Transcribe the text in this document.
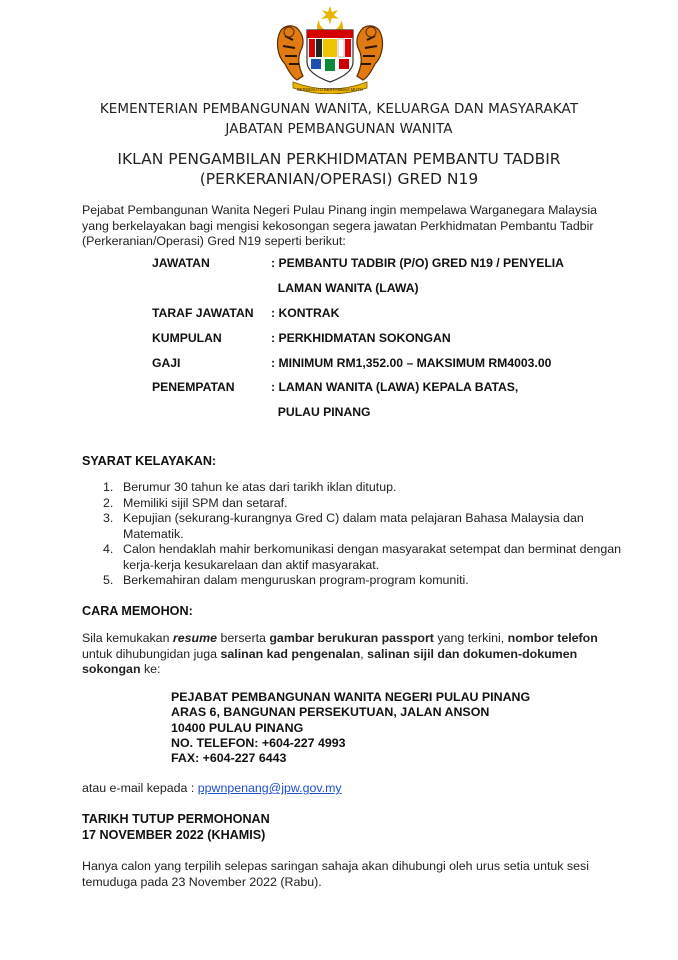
BERSEKUTU BERTAMBAH MUTU
KEMENTERIAN PEMBANGUNAN WANITA, KELUARGA DAN MASYARAKAT
JABATAN PEMBANGUNAN WANITA
IKLAN PENGAMBILAN PERKHIDMATAN PEMBANTU TADBIR
(PERKERANIAN/OPERASI) GRED N19
Pejabat Pembangunan Wanita Negeri Pulau Pinang ingin mempelawa Warganegara Malaysia yang berkelayakan bagi mengisi kekosongan segera jawatan Perkhidmatan Pembantu Tadbir (Perkeranian/Operasi) Gred N19 seperti berikut:
JAWATAN	: PEMBANTU TADBIR (P/O) GRED N19 / PENYELIA
LAMAN WANITA (LAWA)
TARAF JAWATAN : KONTRAK
KUMPULAN	: PERKHIDMATAN SOKONGAN
GAJI	: MINIMUM RM1,352.00 – MAKSIMUM RM4003.00
PENEMPATAN	: LAMAN WANITA (LAWA) KEPALA BATAS,
PULAU PINANG
SYARAT KELAYAKAN:
1. Berumur 30 tahun ke atas dari tarikh iklan ditutup.
2. Memiliki sijil SPM dan setaraf.
3. Kepujian (sekurang-kurangnya Gred C) dalam mata pelajaran Bahasa Malaysia dan Matematik.
4. Calon hendaklah mahir berkomunikasi dengan masyarakat setempat dan berminat dengan kerja-kerja kesukarelaan dan aktif masyarakat.
5. Berkemahiran dalam menguruskan program-program komuniti.
CARA MEMOHON:
Sila kemukakan resume berserta gambar berukuran passport yang terkini, nombor telefon untuk dihubungidan juga salinan kad pengenalan, salinan sijil dan dokumen-dokumen sokongan ke:
PEJABAT PEMBANGUNAN WANITA NEGERI PULAU PINANG
ARAS 6, BANGUNAN PERSEKUTUAN, JALAN ANSON
10400 PULAU PINANG
NO. TELEFON: +604-227 4993
FAX: +604-227 6443
atau e-mail kepada : ppwnpenang@jpw.gov.my
TARIKH TUTUP PERMOHONAN
17 NOVEMBER 2022 (KHAMIS)
Hanya calon yang terpilih selepas saringan sahaja akan dihubungi oleh urus setia untuk sesi temuduga pada 23 November 2022 (Rabu).
